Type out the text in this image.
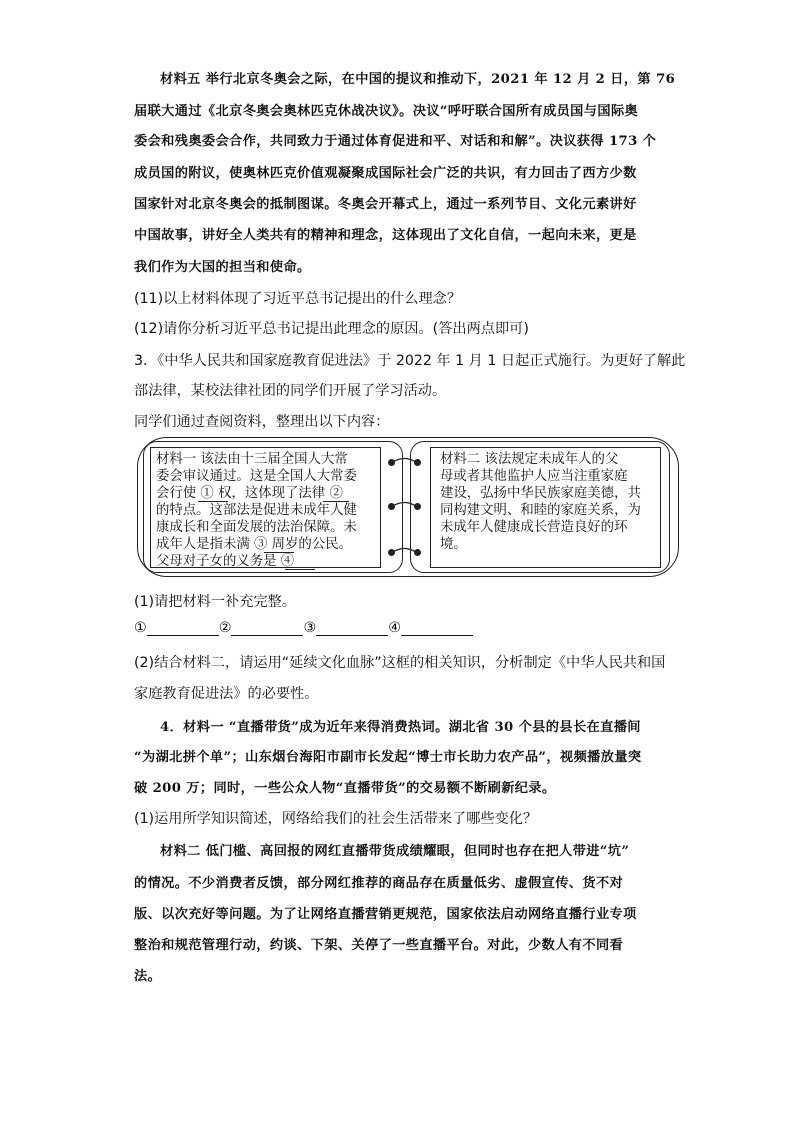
材料五 举行北京冬奥会之际，在中国的提议和推动下，2021 年 12 月 2 日，第 76
届联大通过《北京冬奥会奥林匹克休战决议》。决议“呼吁联合国所有成员国与国际奥
委会和残奥委会合作，共同致力于通过体育促进和平、对话和和解”。决议获得 173 个
成员国的附议，使奥林匹克价值观凝聚成国际社会广泛的共识，有力回击了西方少数
国家针对北京冬奥会的抵制图谋。冬奥会开幕式上，通过一系列节目、文化元素讲好
中国故事，讲好全人类共有的精神和理念，这体现出了文化自信，一起向未来，更是
我们作为大国的担当和使命。
(11)以上材料体现了习近平总书记提出的什么理念？
(12)请你分析习近平总书记提出此理念的原因。(答出两点即可)
3．《中华人民共和国家庭教育促进法》于 2022 年 1 月 1 日起正式施行。为更好了解此
部法律，某校法律社团的同学们开展了学习活动。
同学们通过查阅资料，整理出以下内容：
材料一 该法由十三届全国人大常
委会审议通过。这是全国人大常委
会行使 ① 权，这体现了法律 ②
的特点。这部法是促进未成年人健
康成长和全面发展的法治保障。未
成年人是指未满 ③ 周岁的公民。
父母对子女的义务是 ④
材料二 该法规定未成年人的父
母或者其他监护人应当注重家庭
建设，弘扬中华民族家庭美德，共
同构建文明、和睦的家庭关系，为
未成年人健康成长营造良好的环
境。
(1)请把材料一补充完整。
①	②	③	④
(2)结合材料二，请运用“延续文化血脉”这框的相关知识，分析制定《中华人民共和国
家庭教育促进法》的必要性。
4．材料一 “直播带货”成为近年来得消费热词。湖北省 30 个县的县长在直播间
“为湖北拼个单”；山东烟台海阳市副市长发起“博士市长助力农产品”，视频播放量突
破 200 万；同时，一些公众人物“直播带货”的交易额不断刷新纪录。
(1)运用所学知识简述，网络给我们的社会生活带来了哪些变化？
材料二 低门槛、高回报的网红直播带货成绩耀眼，但同时也存在把人带进“坑”
的情况。不少消费者反馈，部分网红推荐的商品存在质量低劣、虚假宣传、货不对
版、以次充好等问题。为了让网络直播营销更规范，国家依法启动网络直播行业专项
整治和规范管理行动，约谈、下架、关停了一些直播平台。对此，少数人有不同看
法。
